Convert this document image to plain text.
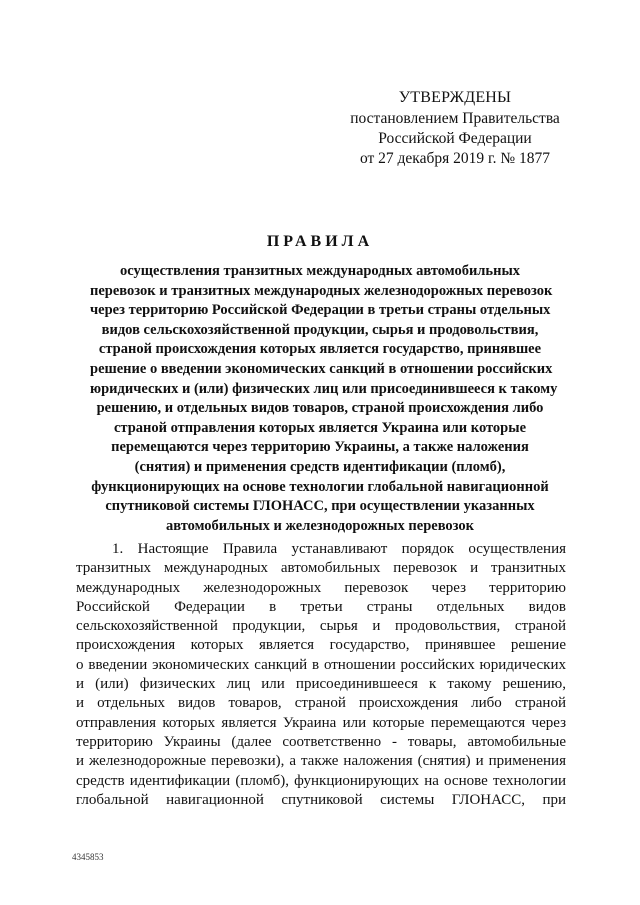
УТВЕРЖДЕНЫ
постановлением Правительства
Российской Федерации
от 27 декабря 2019 г. № 1877
ПРАВИЛА
осуществления транзитных международных автомобильных
перевозок и транзитных международных железнодорожных перевозок
через территорию Российской Федерации в третьи страны отдельных
видов сельскохозяйственной продукции, сырья и продовольствия,
страной происхождения которых является государство, принявшее
решение о введении экономических санкций в отношении российских
юридических и (или) физических лиц или присоединившееся к такому
решению, и отдельных видов товаров, страной происхождения либо
страной отправления которых является Украина или которые
перемещаются через территорию Украины, а также наложения
(снятия) и применения средств идентификации (пломб),
функционирующих на основе технологии глобальной навигационной
спутниковой системы ГЛОНАСС, при осуществлении указанных
автомобильных и железнодорожных перевозок
1. Настоящие Правила устанавливают порядок осуществления
транзитных международных автомобильных перевозок и транзитных
международных железнодорожных перевозок через территорию
Российской Федерации в третьи страны отдельных видов
сельскохозяйственной продукции, сырья и продовольствия, страной
происхождения которых является государство, принявшее решение
о введении экономических санкций в отношении российских юридических
и (или) физических лиц или присоединившееся к такому решению,
и отдельных видов товаров, страной происхождения либо страной
отправления которых является Украина или которые перемещаются через
территорию Украины (далее соответственно - товары, автомобильные
и железнодорожные перевозки), а также наложения (снятия) и применения
средств идентификации (пломб), функционирующих на основе технологии
глобальной навигационной спутниковой системы ГЛОНАСС, при
4345853
